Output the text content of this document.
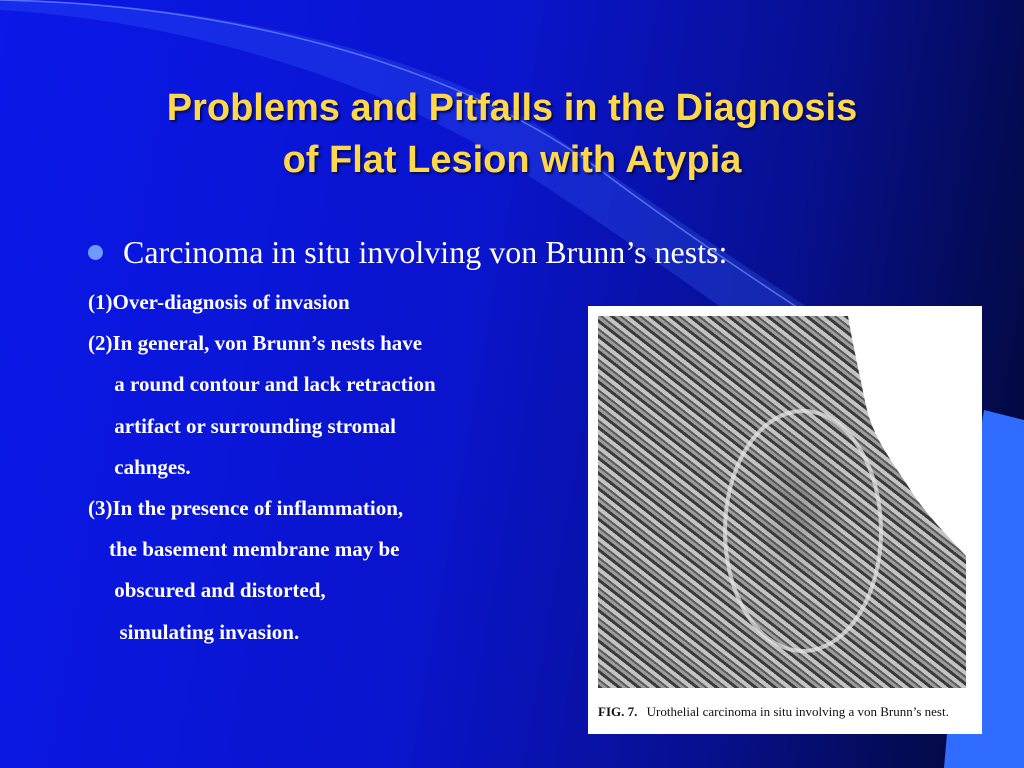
Problems and Pitfalls in the Diagnosis
of Flat Lesion with Atypia
Carcinoma in situ involving von Brunn’s nests:
(1)Over-diagnosis of invasion
(2)In general, von Brunn’s nests have
a round contour and lack retraction
artifact or surrounding stromal
cahnges.
(3)In the presence of inflammation,
the basement membrane may be
obscured and distorted,
simulating invasion.
FIG. 7. Urothelial carcinoma in situ involving a von Brunn’s nest.
